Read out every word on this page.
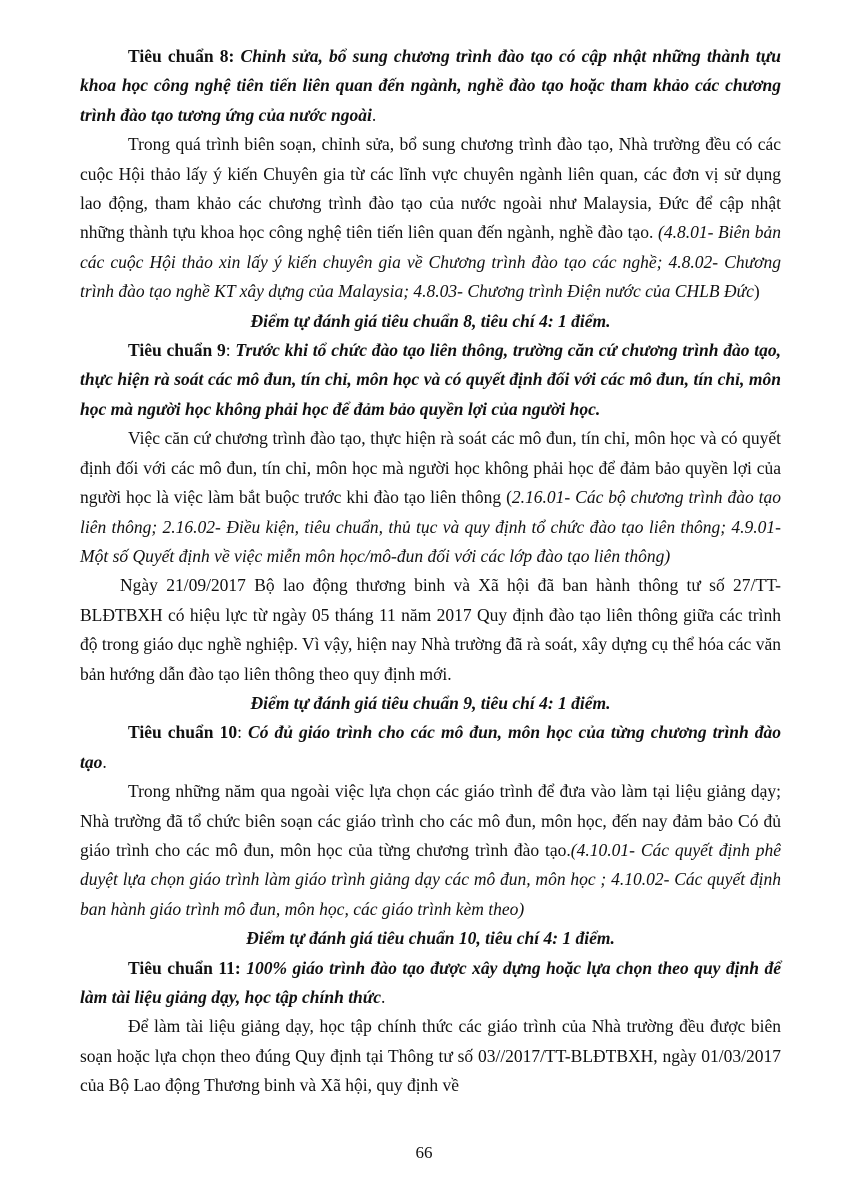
Tiêu chuẩn 8: Chỉnh sửa, bổ sung chương trình đào tạo có cập nhật những thành tựu khoa học công nghệ tiên tiến liên quan đến ngành, nghề đào tạo hoặc tham khảo các chương trình đào tạo tương ứng của nước ngoài.

Trong quá trình biên soạn, chỉnh sửa, bổ sung chương trình đào tạo, Nhà trường đều có các cuộc Hội thảo lấy ý kiến Chuyên gia từ các lĩnh vực chuyên ngành liên quan, các đơn vị sử dụng lao động, tham khảo các chương trình đào tạo của nước ngoài như Malaysia, Đức để cập nhật những thành tựu khoa học công nghệ tiên tiến liên quan đến ngành, nghề đào tạo. (4.8.01- Biên bản các cuộc Hội thảo xin lấy ý kiến chuyên gia về Chương trình đào tạo các nghề; 4.8.02- Chương trình đào tạo nghề KT xây dựng của Malaysia; 4.8.03- Chương trình Điện nước của CHLB Đức)

Điểm tự đánh giá tiêu chuẩn 8, tiêu chí 4: 1 điểm.

Tiêu chuẩn 9: Trước khi tổ chức đào tạo liên thông, trường căn cứ chương trình đào tạo, thực hiện rà soát các mô đun, tín chỉ, môn học và có quyết định đối với các mô đun, tín chỉ, môn học mà người học không phải học để đảm bảo quyền lợi của người học.

Việc căn cứ chương trình đào tạo, thực hiện rà soát các mô đun, tín chỉ, môn học và có quyết định đối với các mô đun, tín chỉ, môn học mà người học không phải học để đảm bảo quyền lợi của người học là việc làm bắt buộc trước khi đào tạo liên thông (2.16.01- Các bộ chương trình đào tạo liên thông; 2.16.02- Điều kiện, tiêu chuẩn, thủ tục và quy định tổ chức đào tạo liên thông; 4.9.01- Một số Quyết định về việc miễn môn học/mô-đun đối với các lớp đào tạo liên thông)

Ngày 21/09/2017 Bộ lao động thương binh và Xã hội đã ban hành thông tư số 27/TT-BLĐTBXH có hiệu lực từ ngày 05 tháng 11 năm 2017 Quy định đào tạo liên thông giữa các trình độ trong giáo dục nghề nghiệp. Vì vậy, hiện nay Nhà trường đã rà soát, xây dựng cụ thể hóa các văn bản hướng dẫn đào tạo liên thông theo quy định mới.

Điểm tự đánh giá tiêu chuẩn 9, tiêu chí 4: 1 điểm.

Tiêu chuẩn 10: Có đủ giáo trình cho các mô đun, môn học của từng chương trình đào tạo.

Trong những năm qua ngoài việc lựa chọn các giáo trình để đưa vào làm tại liệu giảng dạy; Nhà trường đã tổ chức biên soạn các giáo trình cho các mô đun, môn học, đến nay đảm bảo Có đủ giáo trình cho các mô đun, môn học của từng chương trình đào tạo.(4.10.01- Các quyết định phê duyệt lựa chọn giáo trình làm giáo trình giảng dạy các mô đun, môn học ; 4.10.02- Các quyết định ban hành giáo trình mô đun, môn học, các giáo trình kèm theo)

Điểm tự đánh giá tiêu chuẩn 10, tiêu chí 4: 1 điểm.

Tiêu chuẩn 11: 100% giáo trình đào tạo được xây dựng hoặc lựa chọn theo quy định để làm tài liệu giảng dạy, học tập chính thức.

Để làm tài liệu giảng dạy, học tập chính thức các giáo trình của Nhà trường đều được biên soạn hoặc lựa chọn theo đúng Quy định tại Thông tư số 03//2017/TT-BLĐTBXH, ngày 01/03/2017 của Bộ Lao động Thương binh và Xã hội, quy định về

66
